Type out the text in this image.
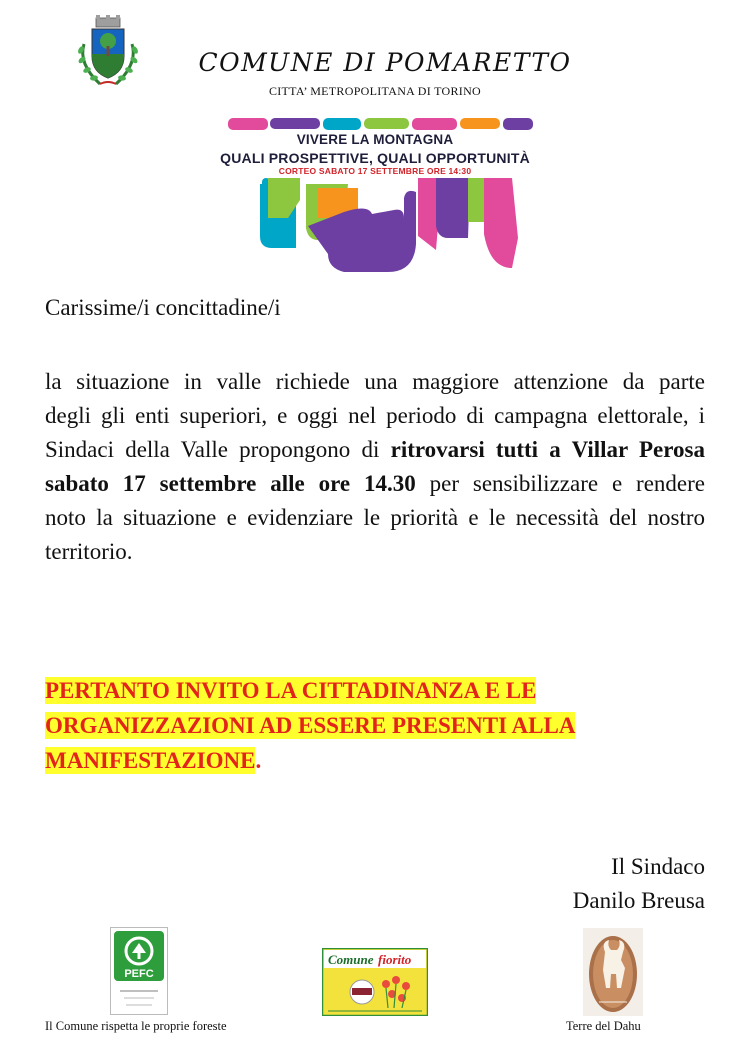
COMUNE DI POMARETTO
CITTA’ METROPOLITANA DI TORINO
VIVERE LA MONTAGNA
QUALI PROSPETTIVE, QUALI OPPORTUNITÀ
CORTEO SABATO 17 SETTEMBRE ORE 14:30
Carissime/i concittadine/i
la situazione in valle richiede una maggiore attenzione da parte degli gli enti superiori, e oggi nel periodo di campagna elettorale, i Sindaci della Valle propongono di ritrovarsi tutti a Villar Perosa sabato 17 settembre alle ore 14.30 per sensibilizzare e rendere noto la situazione e evidenziare le priorità e le necessità del nostro territorio.
PERTANTO INVITO LA CITTADINANZA E LE ORGANIZZAZIONI AD ESSERE PRESENTI ALLA MANIFESTAZIONE.
Il Sindaco
Danilo Breusa
PEFC
Comune fiorito
Il Comune rispetta le proprie foreste	Terre del Dahu
